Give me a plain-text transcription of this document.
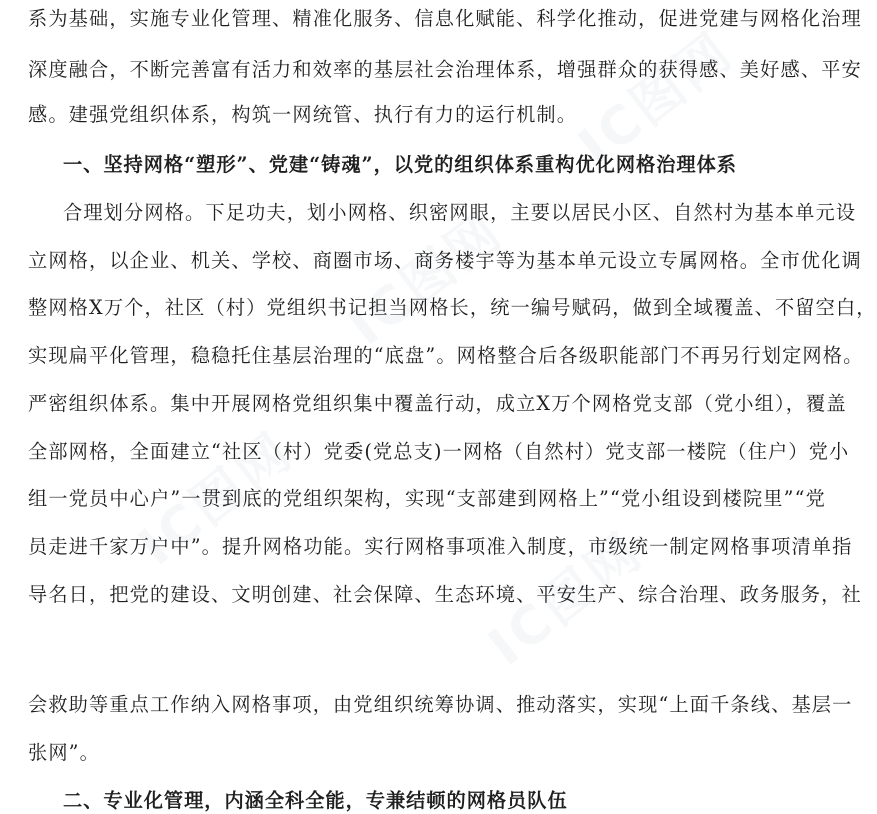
IC图网
IC图网
IC图网
IC图网
系为基础，实施专业化管理、精准化服务、信息化赋能、科学化推动，促进党建与网格化治理
深度融合，不断完善富有活力和效率的基层社会治理体系，增强群众的获得感、美好感、平安
感。建强党组织体系，构筑一网统管、执行有力的运行机制。
一、坚持网格“塑形”、党建“铸魂”，以党的组织体系重构优化网格治理体系
合理划分网格。下足功夫，划小网格、织密网眼，主要以居民小区、自然村为基本单元设
立网格，以企业、机关、学校、商圈市场、商务楼宇等为基本单元设立专属网格。全市优化调
整网格X万个，社区（村）党组织书记担当网格长，统一编号赋码，做到全域覆盖、不留空白，
实现扁平化管理，稳稳托住基层治理的“底盘”。网格整合后各级职能部门不再另行划定网格。
严密组织体系。集中开展网格党组织集中覆盖行动，成立X万个网格党支部（党小组），覆盖
全部网格，全面建立“社区（村）党委(党总支)一网格（自然村）党支部一楼院（住户）党小
组一党员中心户”一贯到底的党组织架构，实现“支部建到网格上”“党小组设到楼院里”“党
员走进千家万户中”。提升网格功能。实行网格事项准入制度，市级统一制定网格事项清单指
导名日，把党的建设、文明创建、社会保障、生态环境、平安生产、综合治理、政务服务，社
会救助等重点工作纳入网格事项，由党组织统筹协调、推动落实，实现“上面千条线、基层一
张网”。
二、专业化管理，内涵全科全能，专兼结顿的网格员队伍
